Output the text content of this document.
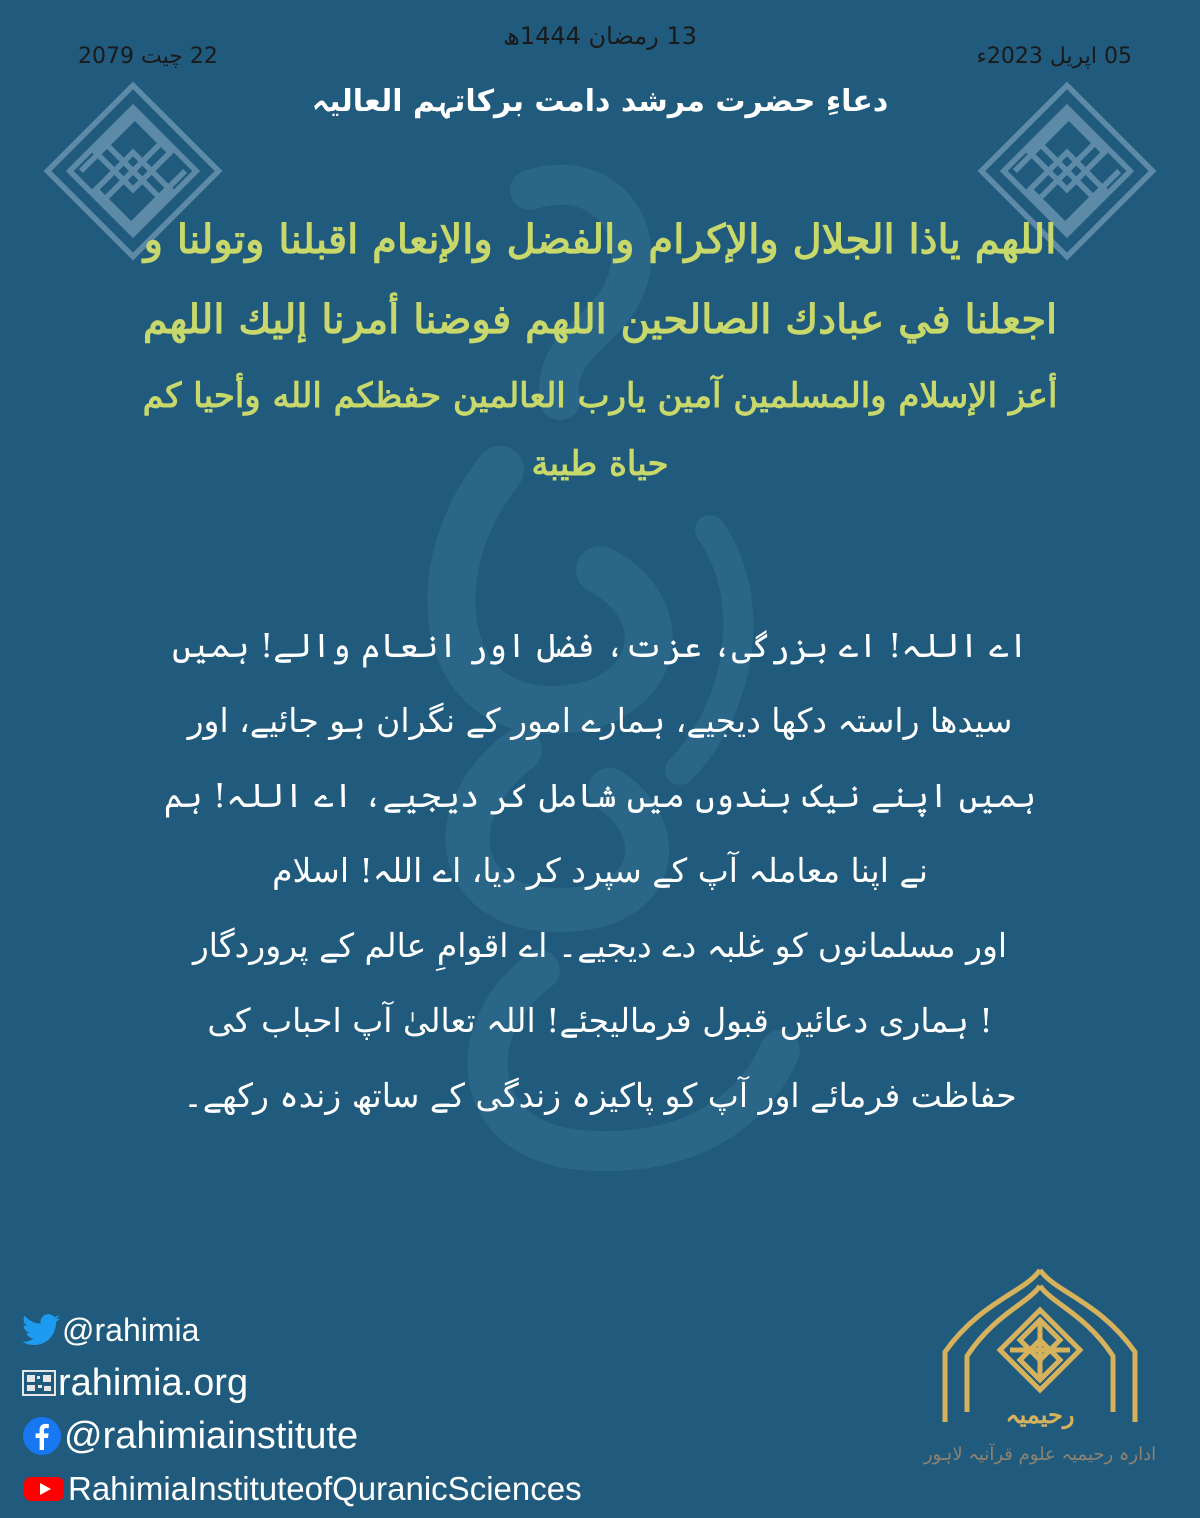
13 رمضان 1444ھ
22 چیت 2079	05 اپریل 2023ء
دعاءِ حضرت مرشد دامت برکاتہم العالیہ

اللهم ياذا الجلال والإكرام والفضل والإنعام اقبلنا وتولنا و

اجعلنا في عبادك الصالحين اللهم فوضنا أمرنا إليك اللهم

أعز الإسلام والمسلمين آمين يارب العالمين حفظكم الله وأحيا كم

حياة طيبة

اے اللہ! اے بزرگی، عزت، فضل اور انعام والے! ہمیں

سیدھا راستہ دکھا دیجیے، ہمارے امور کے نگران ہو جائیے، اور

ہمیں اپنے نیک بندوں میں شامل کر دیجیے، اے اللہ! ہم

نے اپنا معاملہ آپ کے سپرد کر دیا، اے اللہ! اسلام

اور مسلمانوں کو غلبہ دے دیجیے۔ اے اقوامِ عالم کے پروردگار

! ہماری دعائیں قبول فرمالیجئے! اللہ تعالیٰ آپ احباب کی

حفاظت فرمائے اور آپ کو پاکیزہ زندگی کے ساتھ زندہ رکھے۔

@rahimia
rahimia.org
@rahimiainstitute
RahimiaInstituteofQuranicSciences
رحیمیہ
ادارہ رحیمیہ علوم قرآنیہ لاہور
